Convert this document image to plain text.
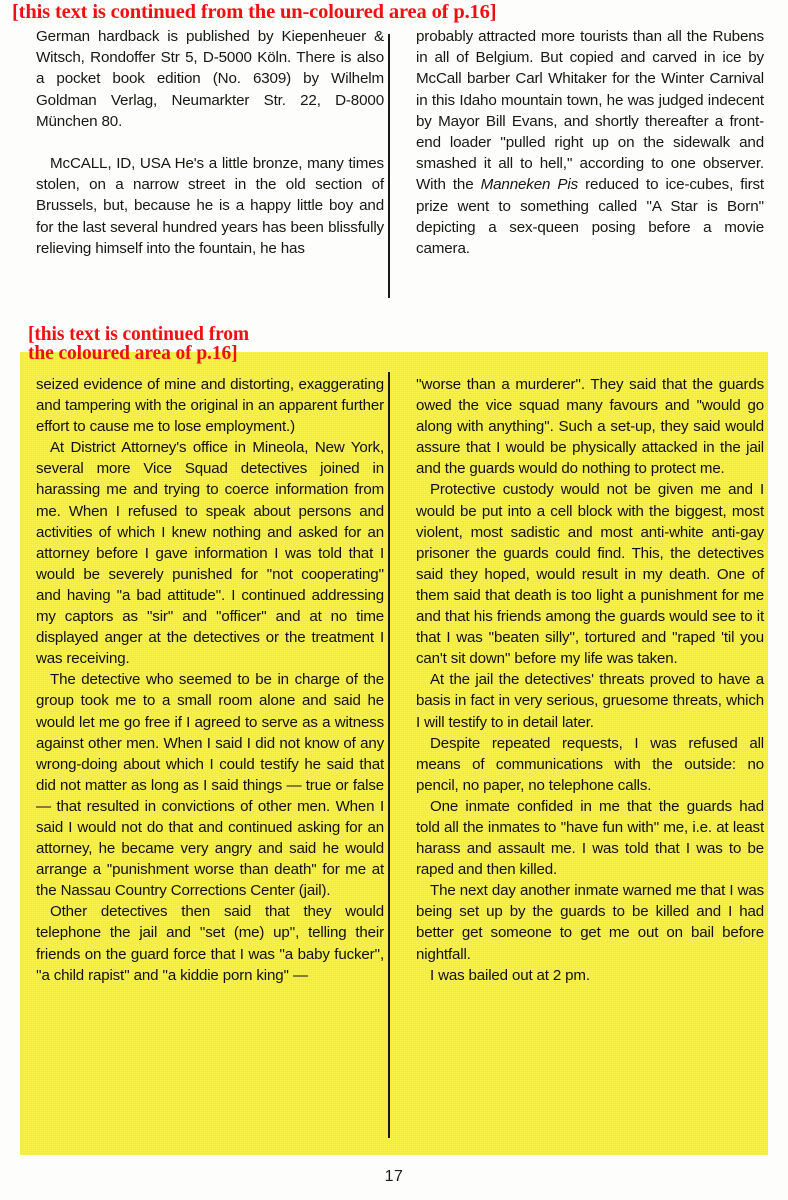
[this text is continued from the un-coloured area of p.16]

German hardback is published by Kiepenheuer & Witsch, Rondoffer Str 5, D-5000 Köln. There is also a pocket book edition (No. 6309) by Wilhelm Goldman Verlag, Neumarkter Str. 22, D-8000 München 80.

McCALL, ID, USA He's a little bronze, many times stolen, on a narrow street in the old section of Brussels, but, because he is a happy little boy and for the last several hundred years has been blissfully relieving himself into the fountain, he has

probably attracted more tourists than all the Rubens in all of Belgium. But copied and carved in ice by McCall barber Carl Whitaker for the Winter Carnival in this Idaho mountain town, he was judged indecent by Mayor Bill Evans, and shortly thereafter a front-end loader ''pulled right up on the sidewalk and smashed it all to hell,'' according to one observer. With the Manneken Pis reduced to ice-cubes, first prize went to something called ''A Star is Born'' depicting a sex-queen posing before a movie camera.

[this text is continued from
the coloured area of p.16]

seized evidence of mine and distorting, exaggerating and tampering with the original in an apparent further effort to cause me to lose employment.)

At District Attorney's office in Mineola, New York, several more Vice Squad detectives joined in harassing me and trying to coerce information from me. When I refused to speak about persons and activities of which I knew nothing and asked for an attorney before I gave information I was told that I would be severely punished for ''not cooperating'' and having ''a bad attitude''. I continued addressing my captors as ''sir'' and ''officer'' and at no time displayed anger at the detectives or the treatment I was receiving.

The detective who seemed to be in charge of the group took me to a small room alone and said he would let me go free if I agreed to serve as a witness against other men. When I said I did not know of any wrong-doing about which I could testify he said that did not matter as long as I said things — true or false — that resulted in convictions of other men. When I said I would not do that and continued asking for an attorney, he became very angry and said he would arrange a ''punishment worse than death'' for me at the Nassau Country Corrections Center (jail).

Other detectives then said that they would telephone the jail and ''set (me) up'', telling their friends on the guard force that I was ''a baby fucker'', ''a child rapist'' and ''a kiddie porn king'' —

''worse than a murderer''. They said that the guards owed the vice squad many favours and ''would go along with anything''. Such a set-up, they said would assure that I would be physically attacked in the jail and the guards would do nothing to protect me.

Protective custody would not be given me and I would be put into a cell block with the biggest, most violent, most sadistic and most anti-white anti-gay prisoner the guards could find. This, the detectives said they hoped, would result in my death. One of them said that death is too light a punishment for me and that his friends among the guards would see to it that I was ''beaten silly'', tortured and ''raped 'til you can't sit down'' before my life was taken.

At the jail the detectives' threats proved to have a basis in fact in very serious, gruesome threats, which I will testify to in detail later.

Despite repeated requests, I was refused all means of communications with the outside: no pencil, no paper, no telephone calls.

One inmate confided in me that the guards had told all the inmates to ''have fun with'' me, i.e. at least harass and assault me. I was told that I was to be raped and then killed.

The next day another inmate warned me that I was being set up by the guards to be killed and I had better get someone to get me out on bail before nightfall.

I was bailed out at 2 pm.

17
